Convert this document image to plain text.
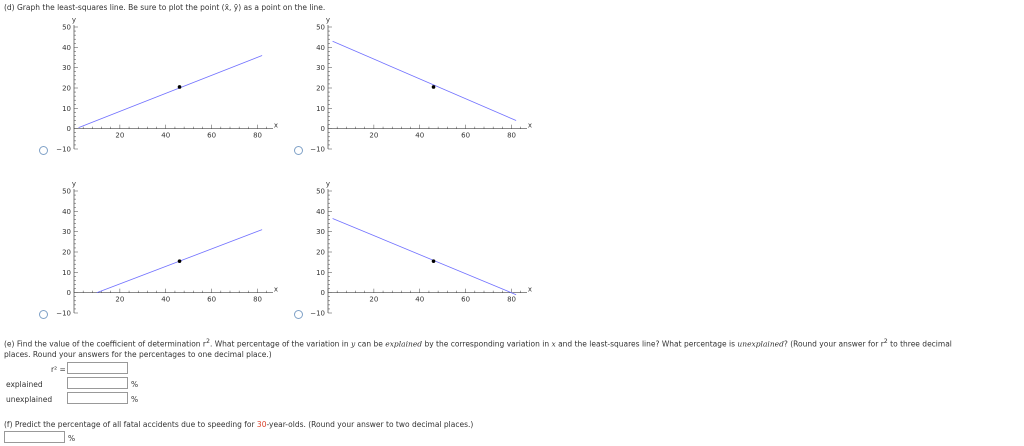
(d) Graph the least-squares line. Be sure to plot the point (x̄, ȳ) as a point on the line.
50
40
30
20
10
0
−10
20	40	60	80
y
x
50
40
30
20
10
0
−10
20	40	60	80
y
x
50
40
30
20
10
0
−10
20	40	60	80
y
x
50
40
30
20
10
0
−10
20	40	60	80
y
x
(e) Find the value of the coefficient of determination $r^2$. What percentage of the variation in y can be explained by the corresponding variation in x and the least-squares line? What percentage is unexplained? (Round your answer for $r^2$ to three decimal
places. Round your answers for the percentages to one decimal place.)
r² =
explained	%
unexplained	%
(f) Predict the percentage of all fatal accidents due to speeding for 30-year-olds. (Round your answer to two decimal places.)
%
